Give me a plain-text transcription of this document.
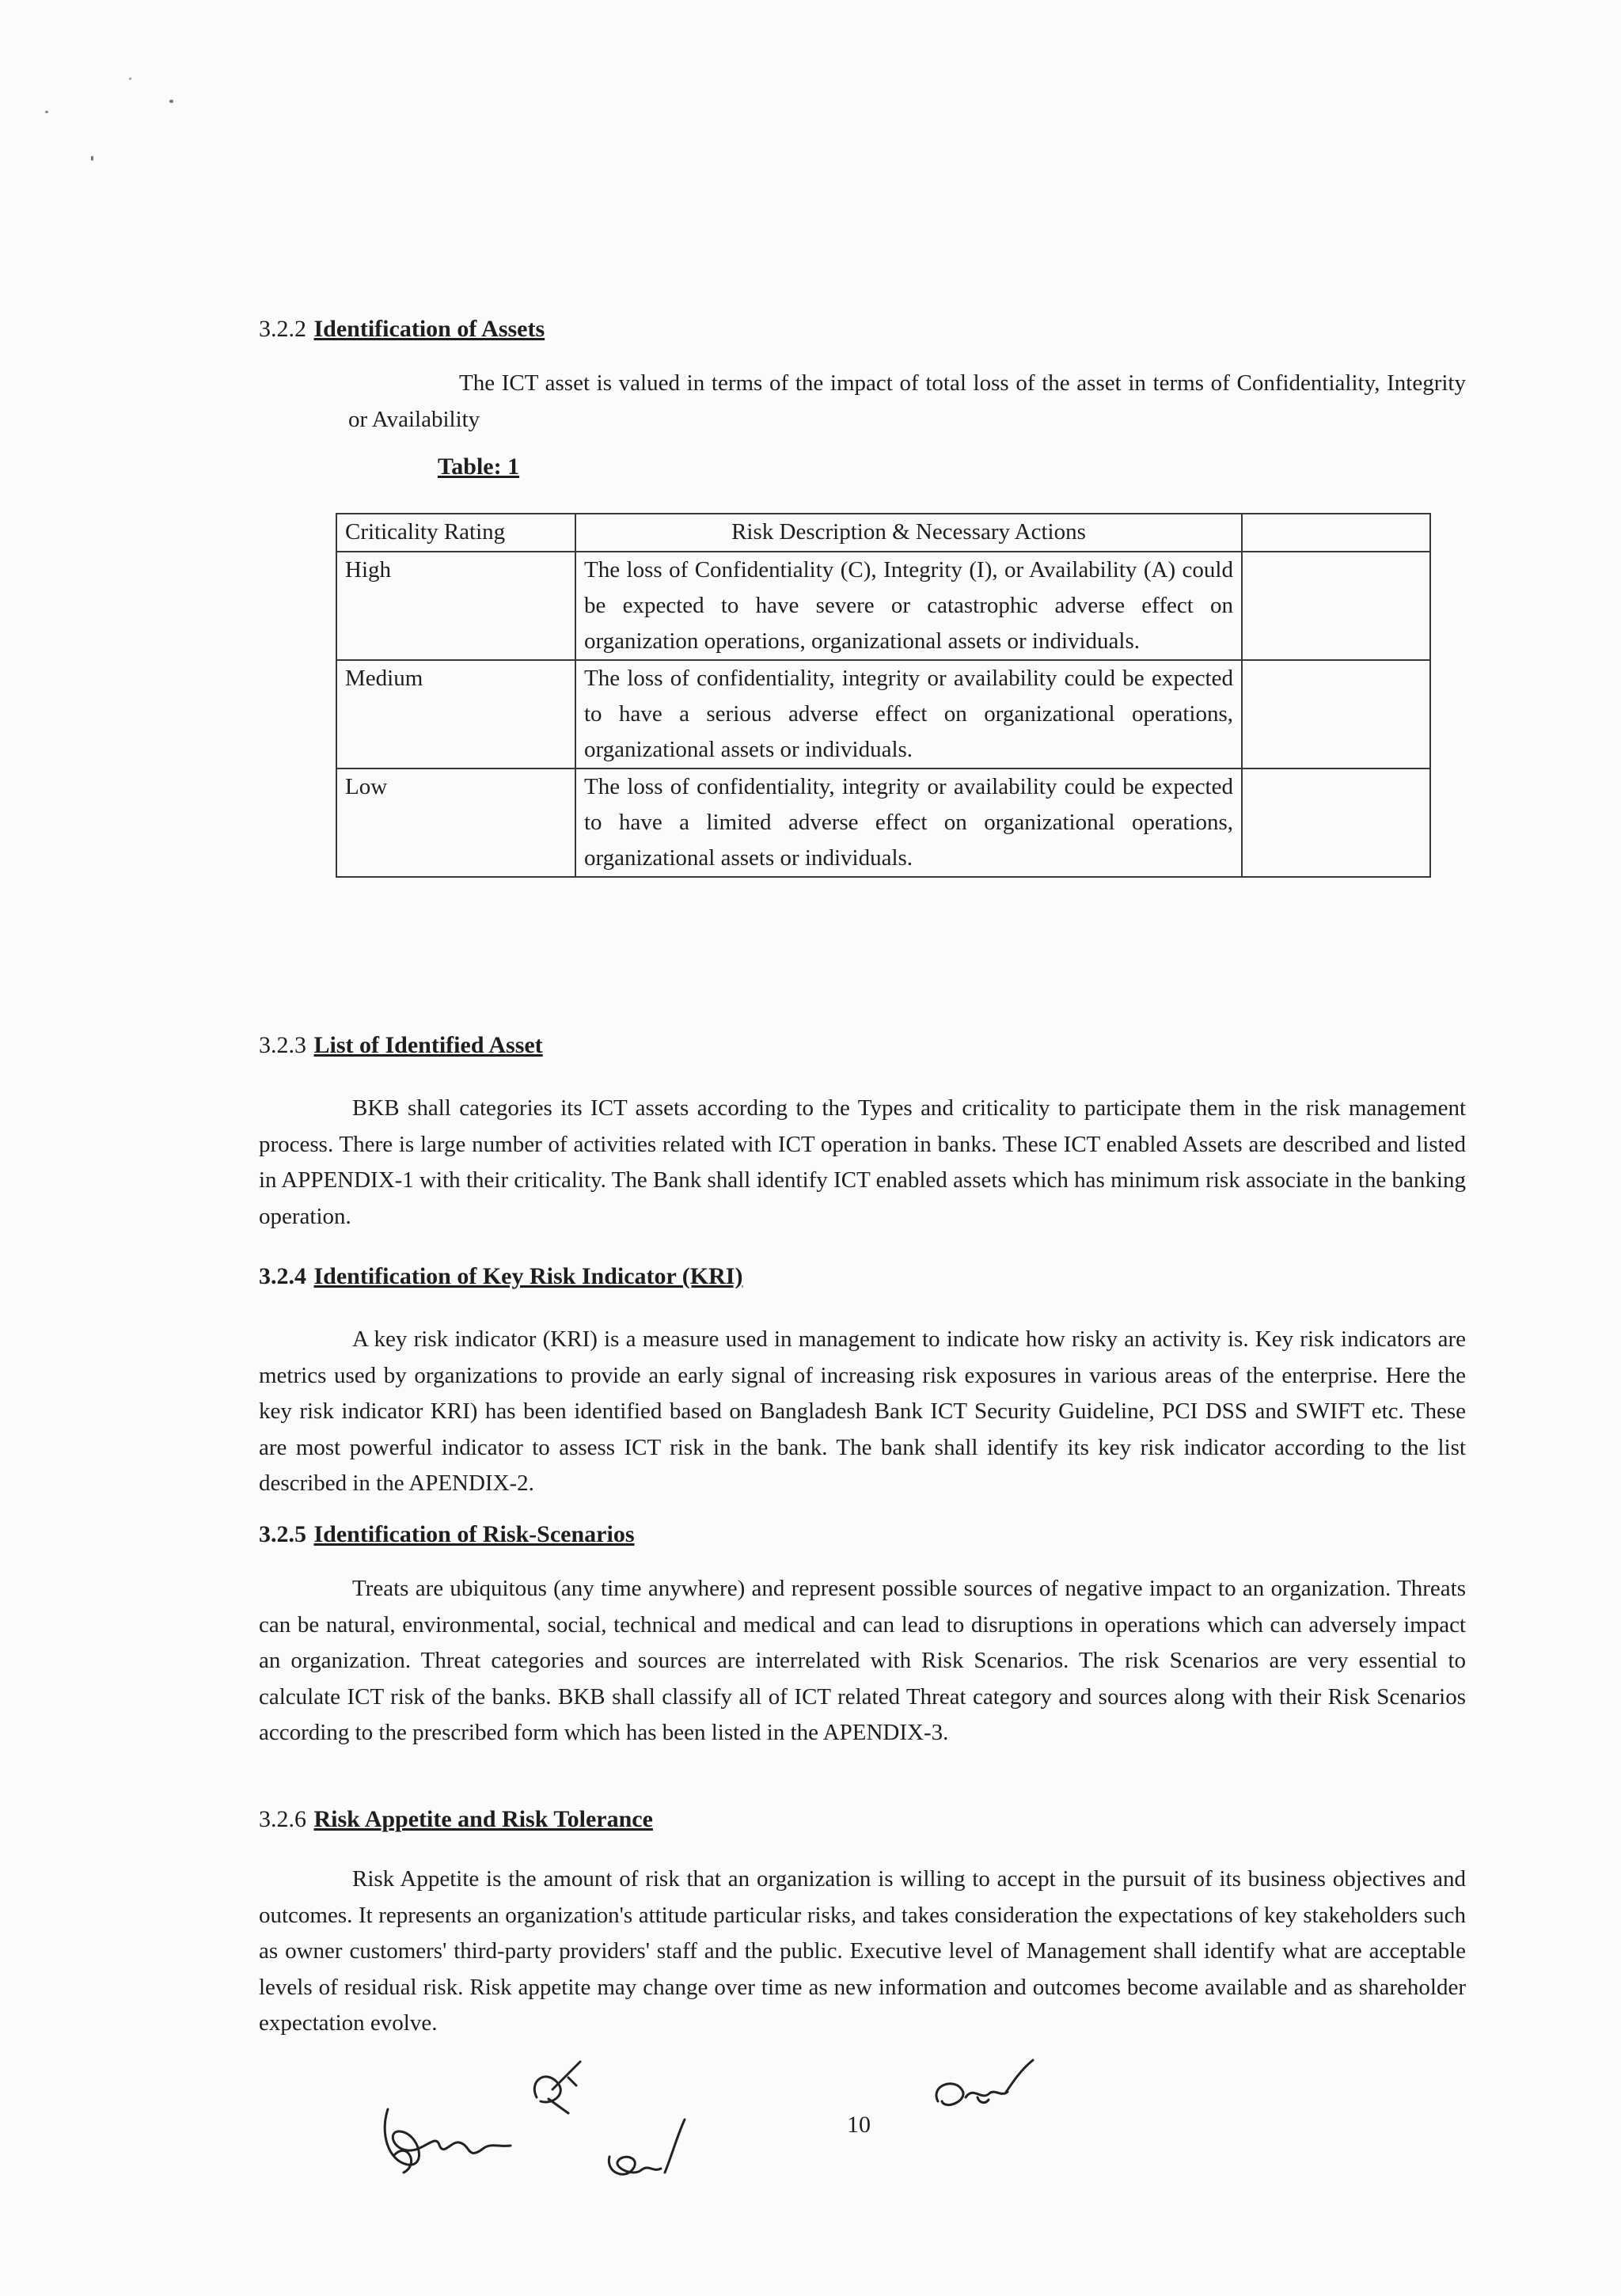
3.2.2 Identification of Assets
The ICT asset is valued in terms of the impact of total loss of the asset in terms of Confidentiality, Integrity or Availability
Table: 1
Criticality Rating	Risk Description & Necessary Actions	
High	The loss of Confidentiality (C), Integrity (I), or Availability (A) could be expected to have severe or catastrophic adverse effect on organization operations, organizational assets or individuals.	
Medium	The loss of confidentiality, integrity or availability could be expected to have a serious adverse effect on organizational operations, organizational assets or individuals.	
Low	The loss of confidentiality, integrity or availability could be expected to have a limited adverse effect on organizational operations, organizational assets or individuals.	
3.2.3 List of Identified Asset
BKB shall categories its ICT assets according to the Types and criticality to participate them in the risk management process. There is large number of activities related with ICT operation in banks. These ICT enabled Assets are described and listed in APPENDIX-1 with their criticality. The Bank shall identify ICT enabled assets which has minimum risk associate in the banking operation.
3.2.4 Identification of Key Risk Indicator (KRI)
A key risk indicator (KRI) is a measure used in management to indicate how risky an activity is. Key risk indicators are metrics used by organizations to provide an early signal of increasing risk exposures in various areas of the enterprise. Here the key risk indicator KRI) has been identified based on Bangladesh Bank ICT Security Guideline, PCI DSS and SWIFT etc. These are most powerful indicator to assess ICT risk in the bank. The bank shall identify its key risk indicator according to the list described in the APENDIX-2.
3.2.5 Identification of Risk-Scenarios
Treats are ubiquitous (any time anywhere) and represent possible sources of negative impact to an organization. Threats can be natural, environmental, social, technical and medical and can lead to disruptions in operations which can adversely impact an organization. Threat categories and sources are interrelated with Risk Scenarios. The risk Scenarios are very essential to calculate ICT risk of the banks. BKB shall classify all of ICT related Threat category and sources along with their Risk Scenarios according to the prescribed form which has been listed in the APENDIX-3.
3.2.6 Risk Appetite and Risk Tolerance
Risk Appetite is the amount of risk that an organization is willing to accept in the pursuit of its business objectives and outcomes. It represents an organization's attitude particular risks, and takes consideration the expectations of key stakeholders such as owner customers' third-party providers' staff and the public. Executive level of Management shall identify what are acceptable levels of residual risk. Risk appetite may change over time as new information and outcomes become available and as shareholder expectation evolve.
10
